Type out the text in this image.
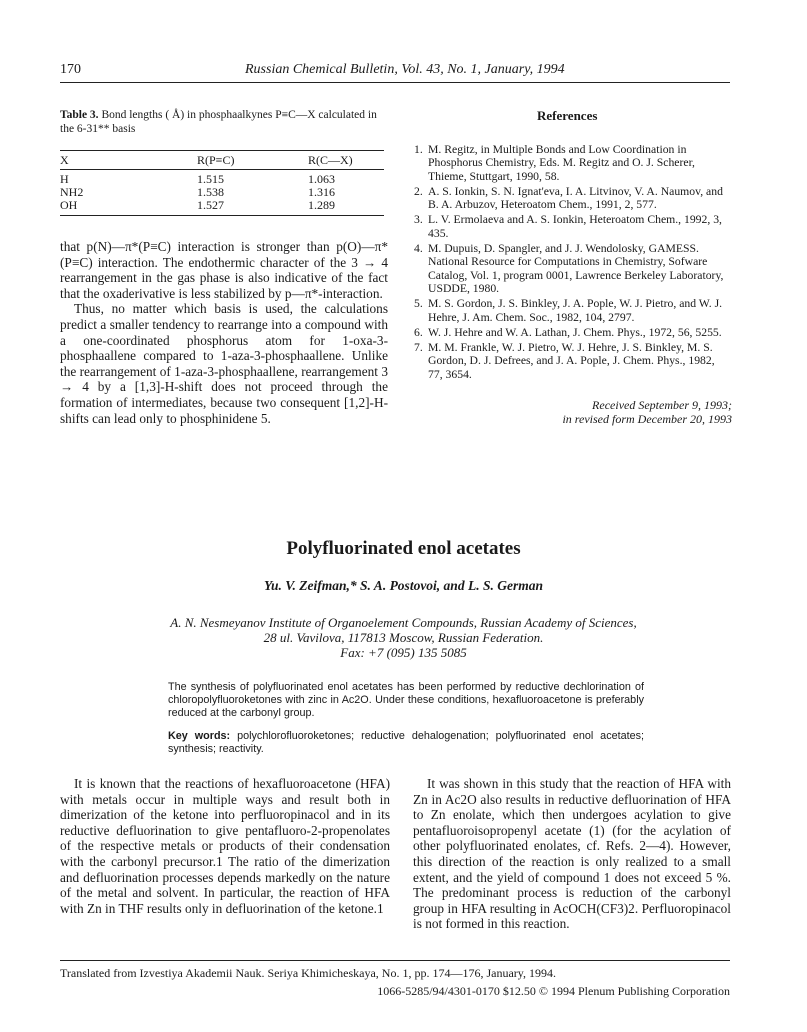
170	Russian Chemical Bulletin, Vol. 43, No. 1, January, 1994
Table 3. Bond lengths ( Å) in phosphaalkynes P≡C—X calculated in the 6-31** basis
X	R(P≡C)	R(C—X)
H	1.515	1.063
NH2	1.538	1.316
OH	1.527	1.289

that p(N)—π*(P≡C) interaction is stronger than p(O)—π*(P≡C) interaction. The endothermic character of the 3 → 4 rearrangement in the gas phase is also indicative of the fact that the oxaderivative is less stabilized by p—π*-interaction.

Thus, no matter which basis is used, the calculations predict a smaller tendency to rearrange into a compound with a one-coordinated phosphorus atom for 1-oxa-3-phosphaallene compared to 1-aza-3-phosphaallene. Unlike the rearrangement of 1-aza-3-phosphaallene, rearrangement 3 → 4 by a [1,3]-H-shift does not proceed through the formation of intermediates, because two consequent [1,2]-H-shifts can lead only to phosphinidene 5.

References
1. M. Regitz, in Multiple Bonds and Low Coordination in Phosphorus Chemistry, Eds. M. Regitz and O. J. Scherer, Thieme, Stuttgart, 1990, 58.
2. A. S. Ionkin, S. N. Ignat'eva, I. A. Litvinov, V. A. Naumov, and B. A. Arbuzov, Heteroatom Chem., 1991, 2, 577.
3. L. V. Ermolaeva and A. S. Ionkin, Heteroatom Chem., 1992, 3, 435.
4. M. Dupuis, D. Spangler, and J. J. Wendolosky, GAMESS. National Resource for Computations in Chemistry, Sofware Catalog, Vol. 1, program 0001, Lawrence Berkeley Laboratory, USDDE, 1980.
5. M. S. Gordon, J. S. Binkley, J. A. Pople, W. J. Pietro, and W. J. Hehre, J. Am. Chem. Soc., 1982, 104, 2797.
6. W. J. Hehre and W. A. Lathan, J. Chem. Phys., 1972, 56, 5255.
7. M. M. Frankle, W. J. Pietro, W. J. Hehre, J. S. Binkley, M. S. Gordon, D. J. Defrees, and J. A. Pople, J. Chem. Phys., 1982, 77, 3654.
Received September 9, 1993;
in revised form December 20, 1993
Polyfluorinated enol acetates
Yu. V. Zeifman,* S. A. Postovoi, and L. S. German
A. N. Nesmeyanov Institute of Organoelement Compounds, Russian Academy of Sciences,
28 ul. Vavilova, 117813 Moscow, Russian Federation.
Fax: +7 (095) 135 5085

The synthesis of polyfluorinated enol acetates has been performed by reductive dechlorination of chloropolyfluoroketones with zinc in Ac2O. Under these conditions, hexafluoroacetone is preferably reduced at the carbonyl group.

Key words: polychlorofluoroketones; reductive dehalogenation; polyfluorinated enol acetates; synthesis; reactivity.

It is known that the reactions of hexafluoroacetone (HFA) with metals occur in multiple ways and result both in dimerization of the ketone into perfluoropinacol and in its reductive defluorination to give pentafluoro-2-propenolates of the respective metals or products of their condensation with the carbonyl precursor.1 The ratio of the dimerization and defluorination processes depends markedly on the nature of the metal and solvent. In particular, the reaction of HFA with Zn in THF results only in defluorination of the ketone.1

It was shown in this study that the reaction of HFA with Zn in Ac2O also results in reductive defluorination of HFA to Zn enolate, which then undergoes acylation to give pentafluoroisopropenyl acetate (1) (for the acylation of other polyfluorinated enolates, cf. Refs. 2—4). However, this direction of the reaction is only realized to a small extent, and the yield of compound 1 does not exceed 5 %. The predominant process is reduction of the carbonyl group in HFA resulting in AcOCH(CF3)2. Perfluoropinacol is not formed in this reaction.

Translated from Izvestiya Akademii Nauk. Seriya Khimicheskaya, No. 1, pp. 174—176, January, 1994.
1066-5285/94/4301-0170 $12.50 © 1994 Plenum Publishing Corporation
